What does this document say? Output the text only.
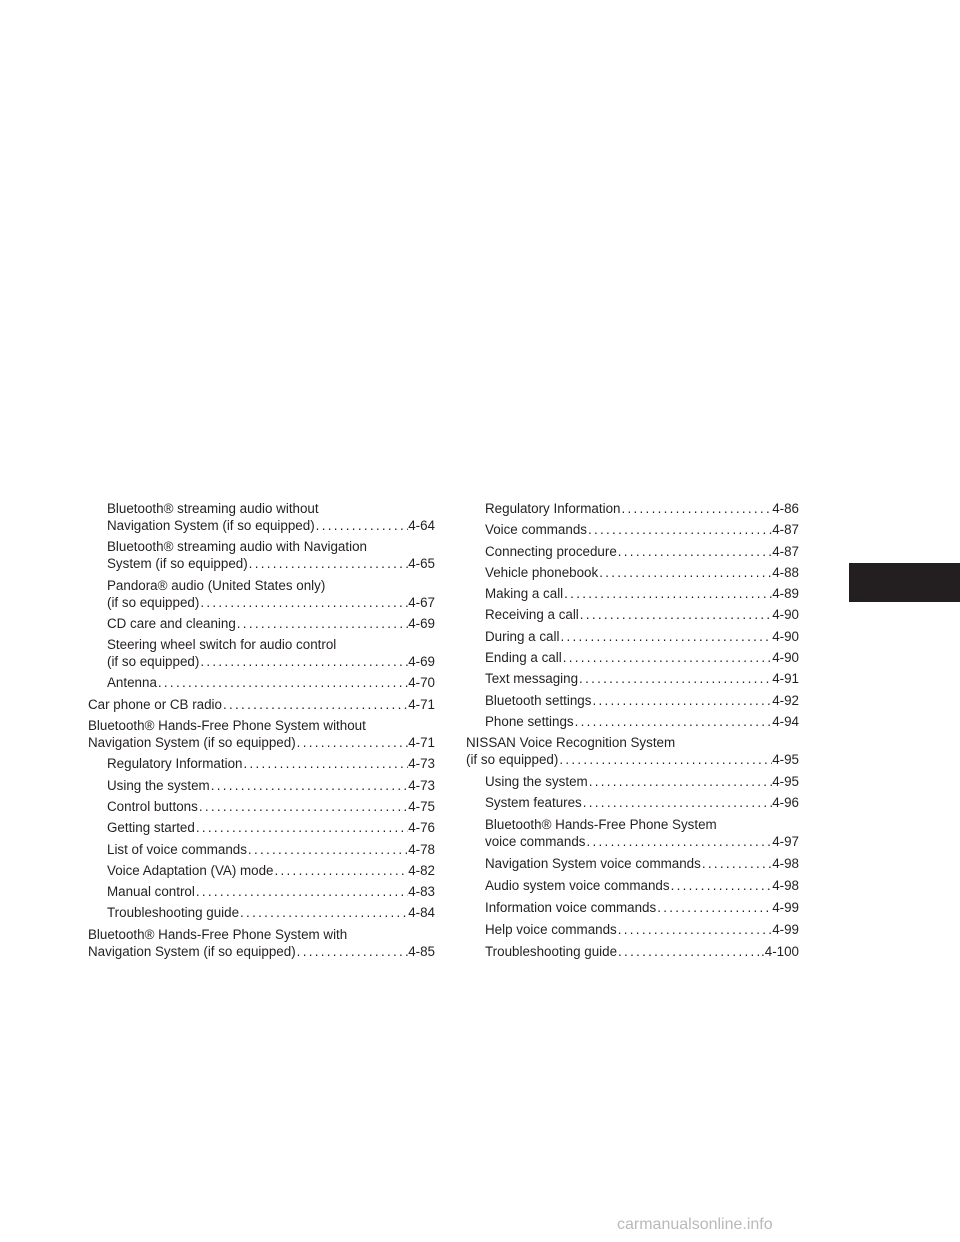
Bluetooth® streaming audio without
Navigation System (if so equipped) .....	4-64
Bluetooth® streaming audio with Navigation
System (if so equipped) .....	4-65
Pandora® audio (United States only)
(if so equipped) .....	4-67
CD care and cleaning .....	4-69
Steering wheel switch for audio control
(if so equipped) .....	4-69
Antenna .....	4-70
Car phone or CB radio .....	4-71
Bluetooth® Hands-Free Phone System without
Navigation System (if so equipped) .....	4-71
Regulatory Information .....	4-73
Using the system .....	4-73
Control buttons .....	4-75
Getting started .....	4-76
List of voice commands .....	4-78
Voice Adaptation (VA) mode .....	4-82
Manual control .....	4-83
Troubleshooting guide .....	4-84
Bluetooth® Hands-Free Phone System with
Navigation System (if so equipped) .....	4-85
Regulatory Information .....	4-86
Voice commands .....	4-87
Connecting procedure .....	4-87
Vehicle phonebook .....	4-88
Making a call .....	4-89
Receiving a call .....	4-90
During a call .....	4-90
Ending a call .....	4-90
Text messaging .....	4-91
Bluetooth settings .....	4-92
Phone settings .....	4-94
NISSAN Voice Recognition System
(if so equipped) .....	4-95
Using the system .....	4-95
System features .....	4-96
Bluetooth® Hands-Free Phone System
voice commands .....	4-97
Navigation System voice commands .....	4-98
Audio system voice commands .....	4-98
Information voice commands .....	4-99
Help voice commands .....	4-99
Troubleshooting guide .....	.4-100
carmanualsonline.info
